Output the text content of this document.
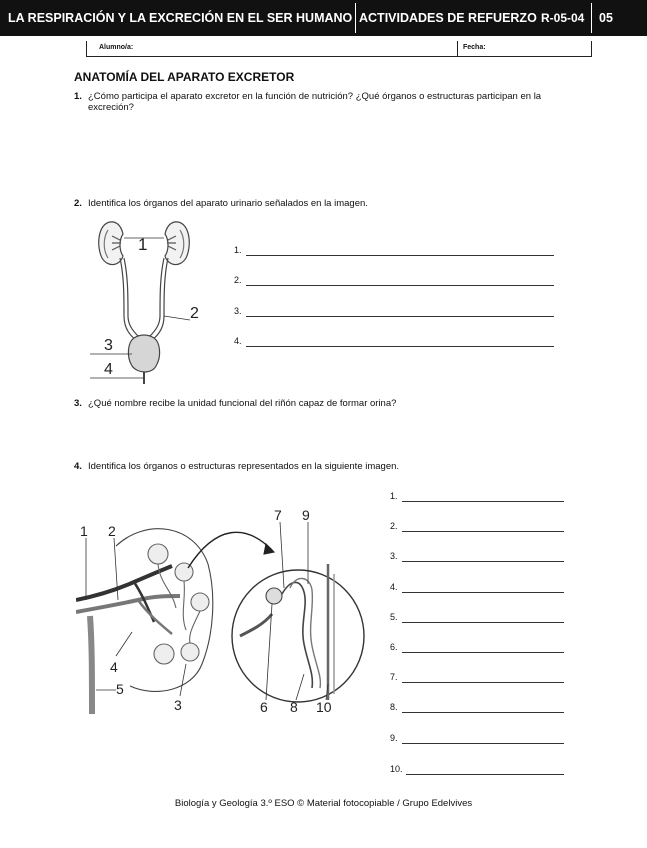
LA RESPIRACIÓN Y LA EXCRECIÓN EN EL SER HUMANO ACTIVIDADES DE REFUERZO R-05-04 05
Alumno/a:	Fecha:
ANATOMÍA DEL APARATO EXCRETOR
1. ¿Cómo participa el aparato excretor en la función de nutrición? ¿Qué órganos o estructuras participan en la excreción?
2. Identifica los órganos del aparato urinario señalados en la imagen.
1
2
3
4
1.
2.
3.
4.
3. ¿Qué nombre recibe la unidad funcional del riñón capaz de formar orina?
4. Identifica los órganos o estructuras representados en la siguiente imagen.
1 2
4
5
3
7 9
6 8 10
1.
2.
3.
4.
5.
6.
7.
8.
9.
10.
Biología y Geología 3.º ESO © Material fotocopiable / Grupo Edelvives
